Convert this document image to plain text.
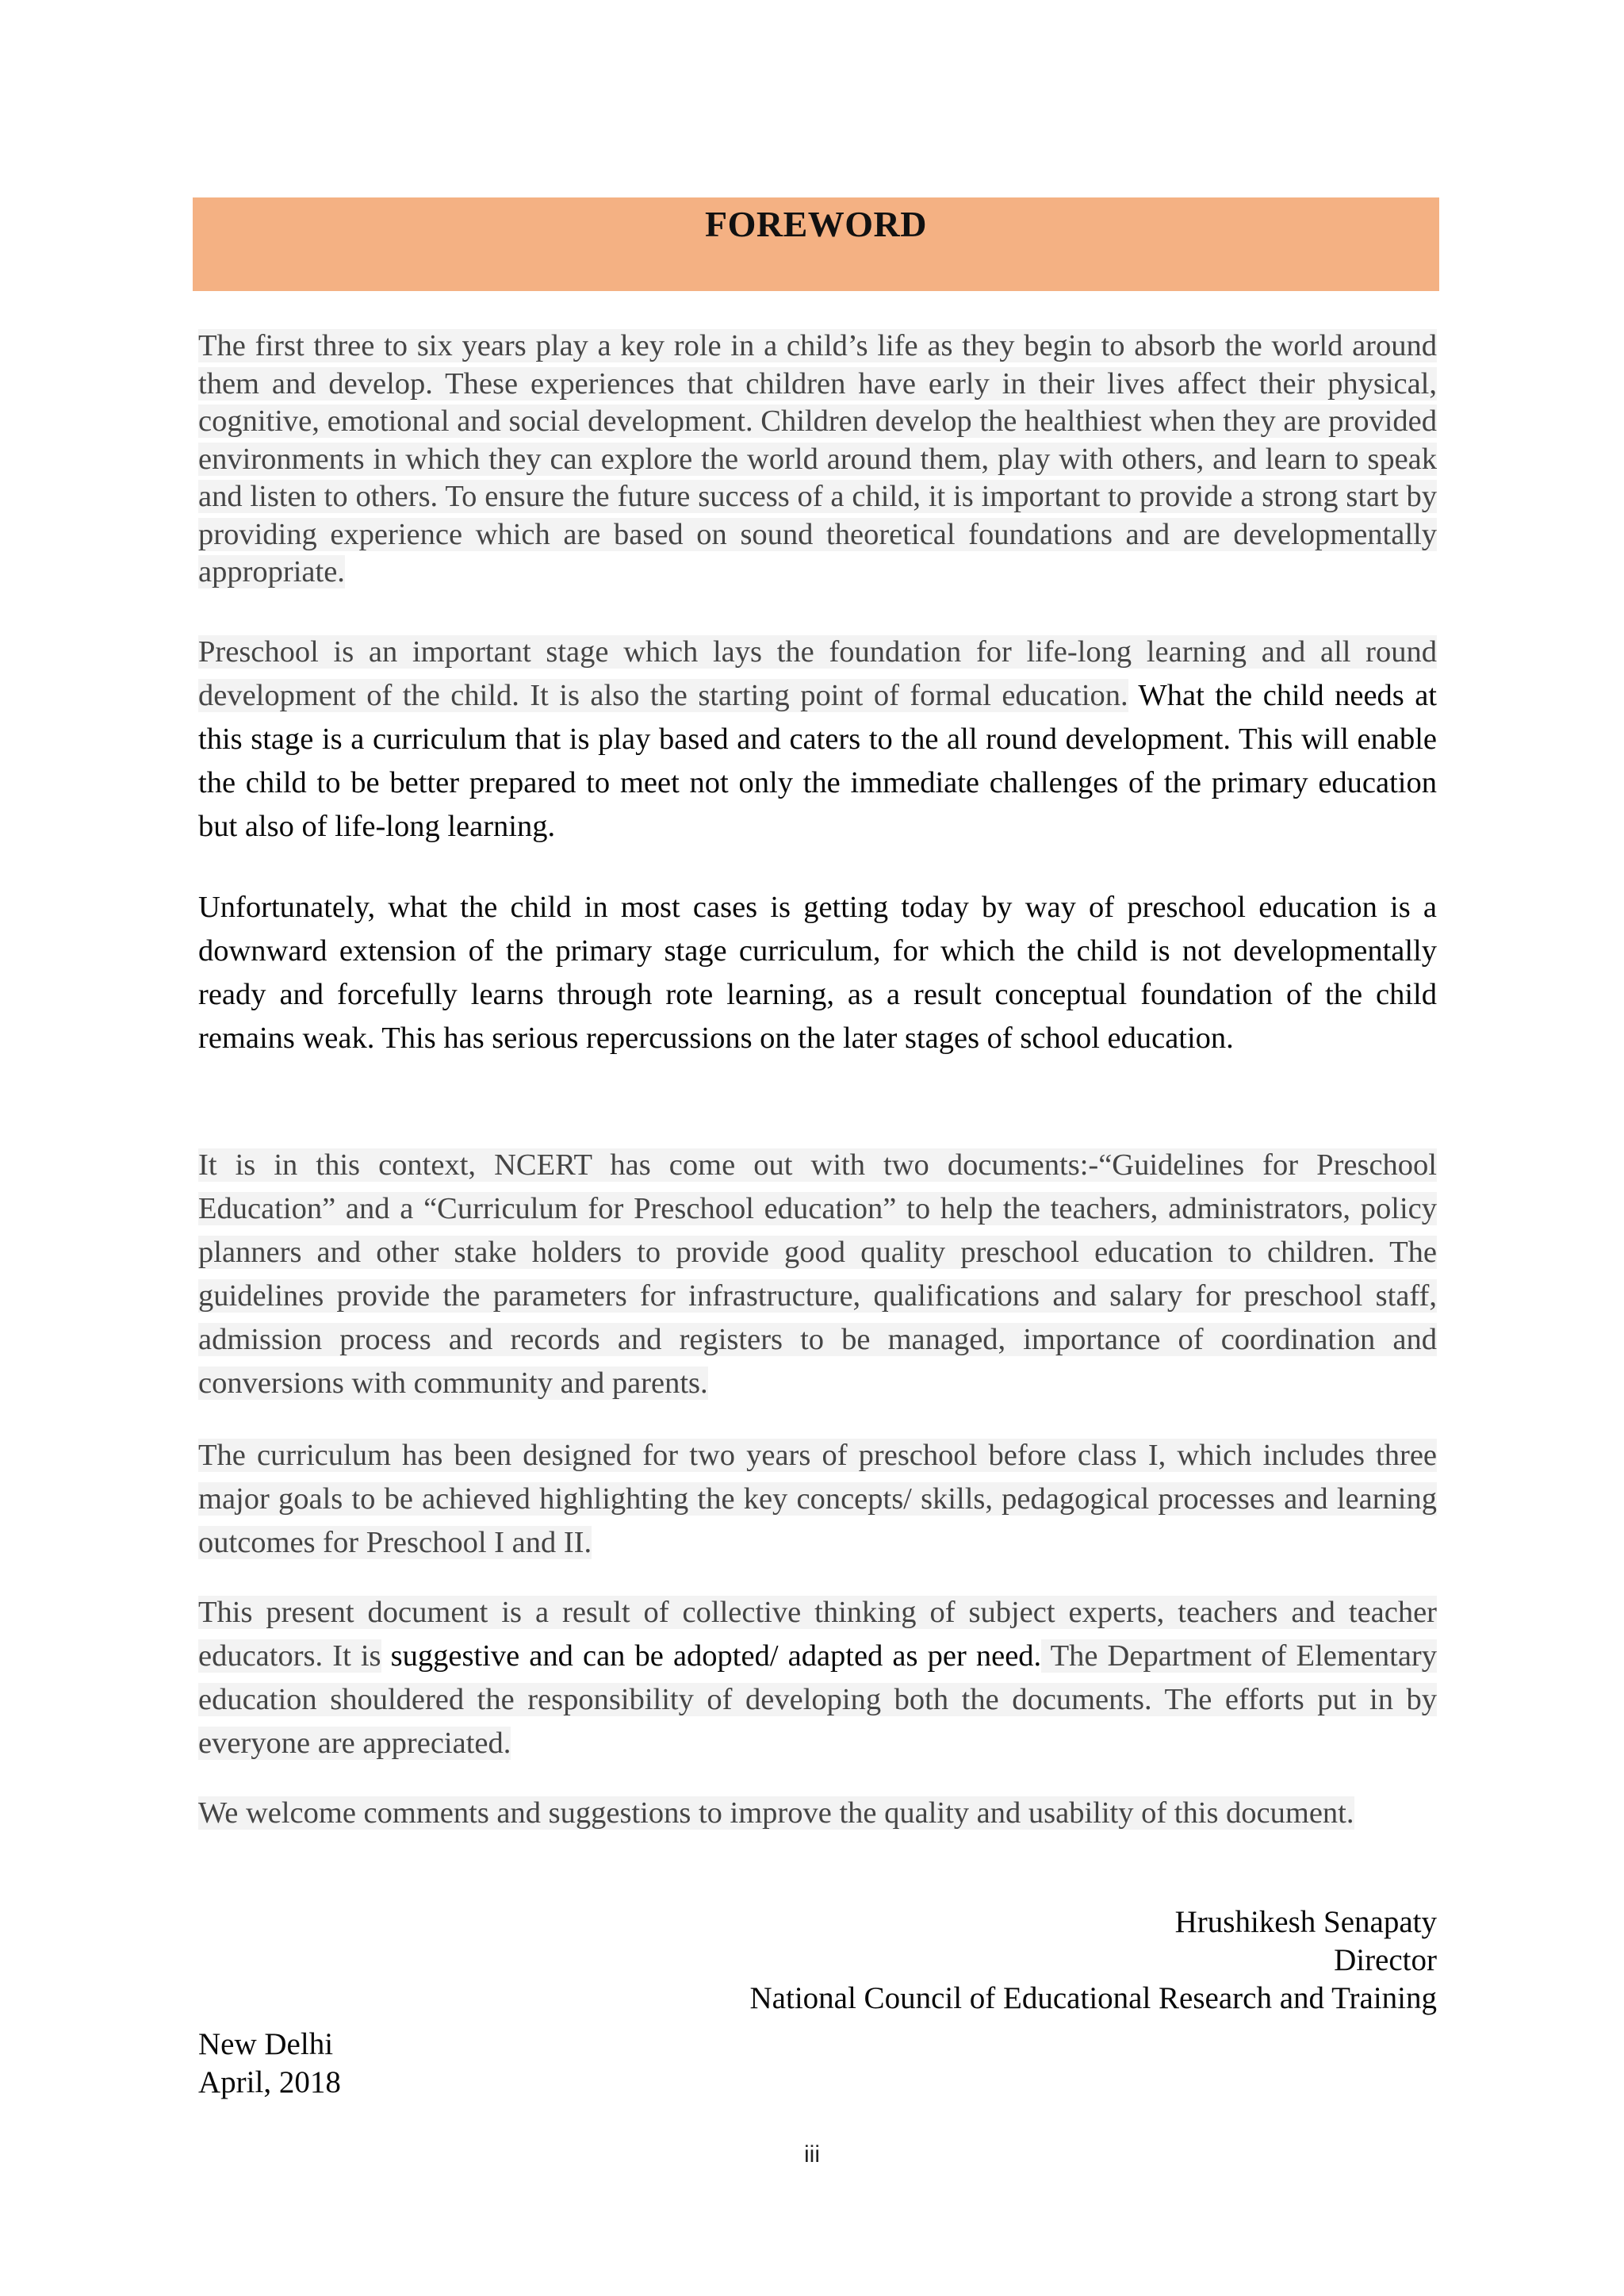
FOREWORD

The first three to six years play a key role in a child’s life as they begin to absorb the world around them and develop. These experiences that children have early in their lives affect their physical, cognitive, emotional and social development. Children develop the healthiest when they are provided environments in which they can explore the world around them, play with others, and learn to speak and listen to others. To ensure the future success of a child, it is important to provide a strong start by providing experience which are based on sound theoretical foundations and are developmentally appropriate.

Preschool is an important stage which lays the foundation for life-long learning and all round development of the child. It is also the starting point of formal education. What the child needs at this stage is a curriculum that is play based and caters to the all round development. This will enable the child to be better prepared to meet not only the immediate challenges of the primary education but also of life-long learning.

Unfortunately, what the child in most cases is getting today by way of preschool education is a downward extension of the primary stage curriculum, for which the child is not developmentally ready and forcefully learns through rote learning, as a result conceptual foundation of the child remains weak. This has serious repercussions on the later stages of school education.

It is in this context, NCERT has come out with two documents:-“Guidelines for Preschool Education” and a “Curriculum for Preschool education” to help the teachers, administrators, policy planners and other stake holders to provide good quality preschool education to children. The guidelines provide the parameters for infrastructure, qualifications and salary for preschool staff, admission process and records and registers to be managed, importance of coordination and conversions with community and parents.

The curriculum has been designed for two years of preschool before class I, which includes three major goals to be achieved highlighting the key concepts/ skills, pedagogical processes and learning outcomes for Preschool I and II.

This present document is a result of collective thinking of subject experts, teachers and teacher educators. It is suggestive and can be adopted/ adapted as per need. The Department of Elementary education shouldered the responsibility of developing both the documents. The efforts put in by everyone are appreciated.

We welcome comments and suggestions to improve the quality and usability of this document.

Hrushikesh Senapaty
Director
National Council of Educational Research and Training
New Delhi
April, 2018
iii
